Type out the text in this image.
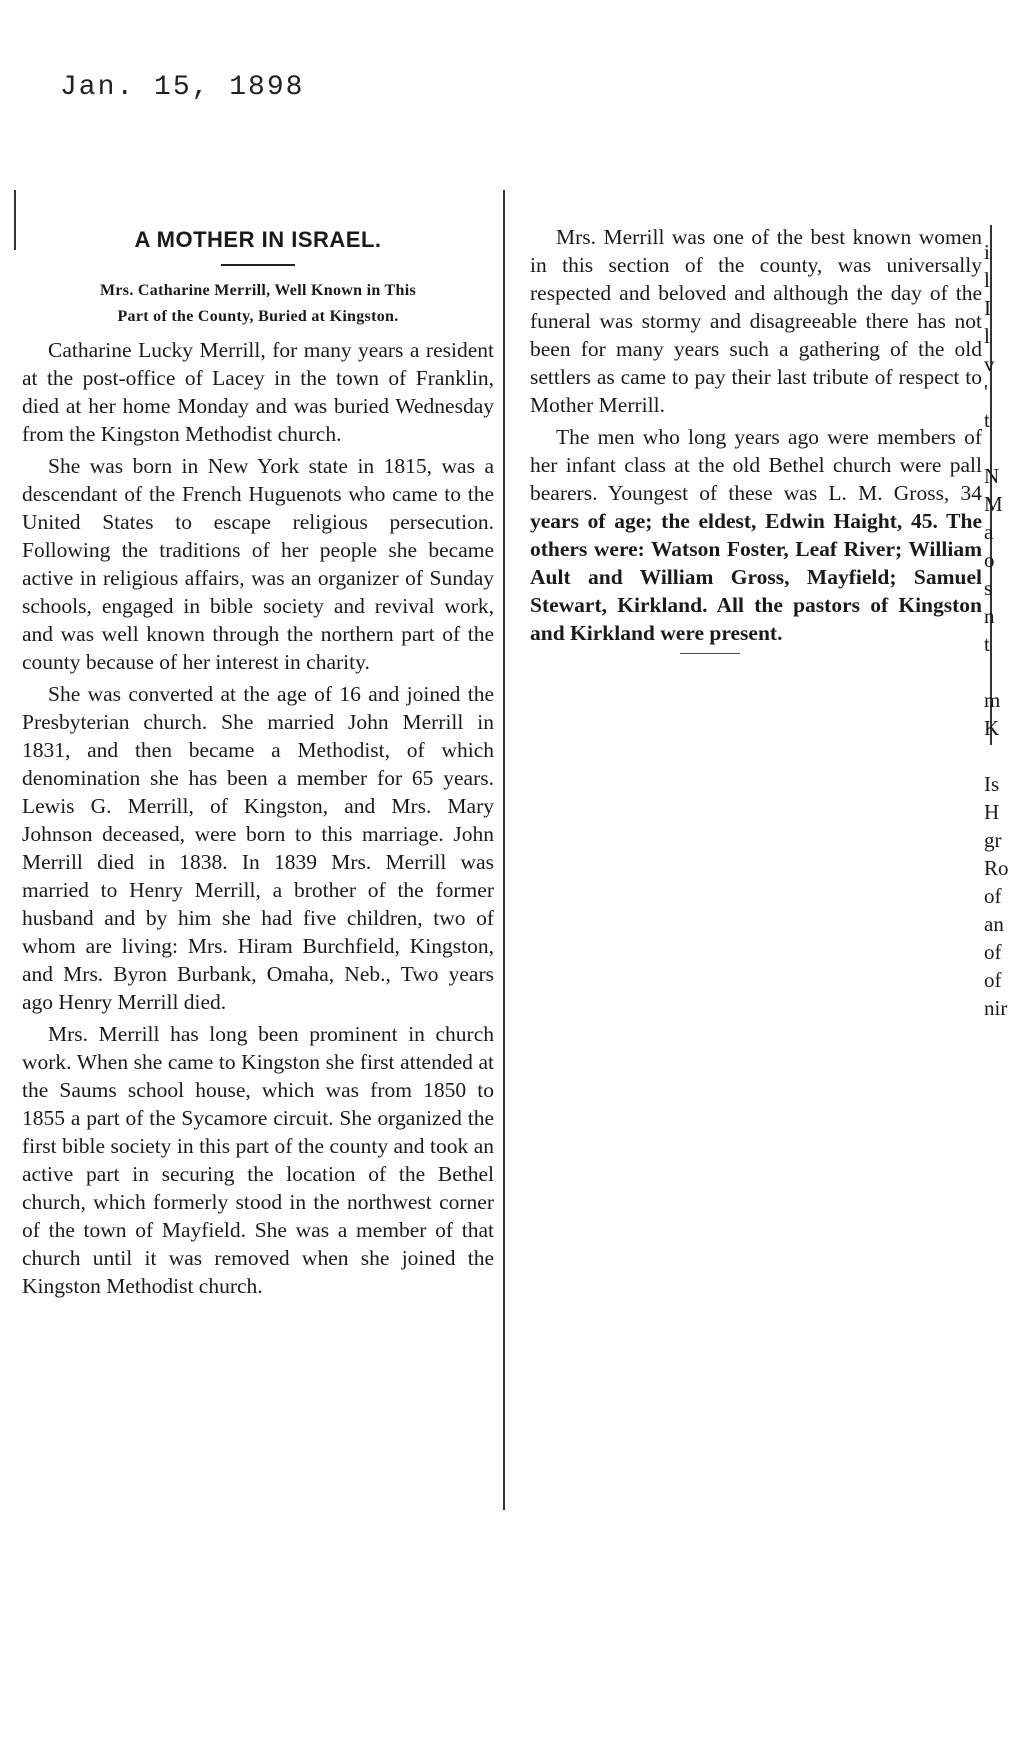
Jan. 15, 1898
A MOTHER IN ISRAEL.
Mrs. Catharine Merrill, Well Known in This
Part of the County, Buried at Kingston.

Catharine Lucky Merrill, for many years a resident at the post-office of Lacey in the town of Franklin, died at her home Monday and was buried Wednesday from the Kingston Methodist church.

She was born in New York state in 1815, was a descendant of the French Huguenots who came to the United States to escape religious persecution. Following the traditions of her people she became active in religious affairs, was an organizer of Sunday schools, engaged in bible society and revival work, and was well known through the northern part of the county because of her interest in charity.

She was converted at the age of 16 and joined the Presbyterian church. She married John Merrill in 1831, and then became a Methodist, of which denomination she has been a member for 65 years. Lewis G. Merrill, of Kingston, and Mrs. Mary Johnson deceased, were born to this marriage. John Merrill died in 1838. In 1839 Mrs. Merrill was married to Henry Merrill, a brother of the former husband and by him she had five children, two of whom are living: Mrs. Hiram Burchfield, Kingston, and Mrs. Byron Burbank, Omaha, Neb., Two years ago Henry Merrill died.

Mrs. Merrill has long been prominent in church work. When she came to Kingston she first attended at the Saums school house, which was from 1850 to 1855 a part of the Sycamore circuit. She organized the first bible society in this part of the county and took an active part in securing the location of the Bethel church, which formerly stood in the northwest corner of the town of Mayfield. She was a member of that church until it was removed when she joined the Kingston Methodist church.

Mrs. Merrill was one of the best known women in this section of the county, was universally respected and beloved and although the day of the funeral was stormy and disagreeable there has not been for many years such a gathering of the old settlers as came to pay their last tribute of respect to Mother Merrill.

The men who long years ago were members of her infant class at the old Bethel church were pall bearers. Youngest of these was L. M. Gross, 34 years of age; the eldest, Edwin Haight, 45. The others were: Watson Foster, Leaf River; William Ault and William Gross, Mayfield; Samuel Stewart, Kirkland. All the pastors of Kingston and Kirkland were present.

i
l
I
l
v
'
t

N
M
a
o
s
n
t

m
K

Is
H
gr
Ro
of
an
of
of
nir
